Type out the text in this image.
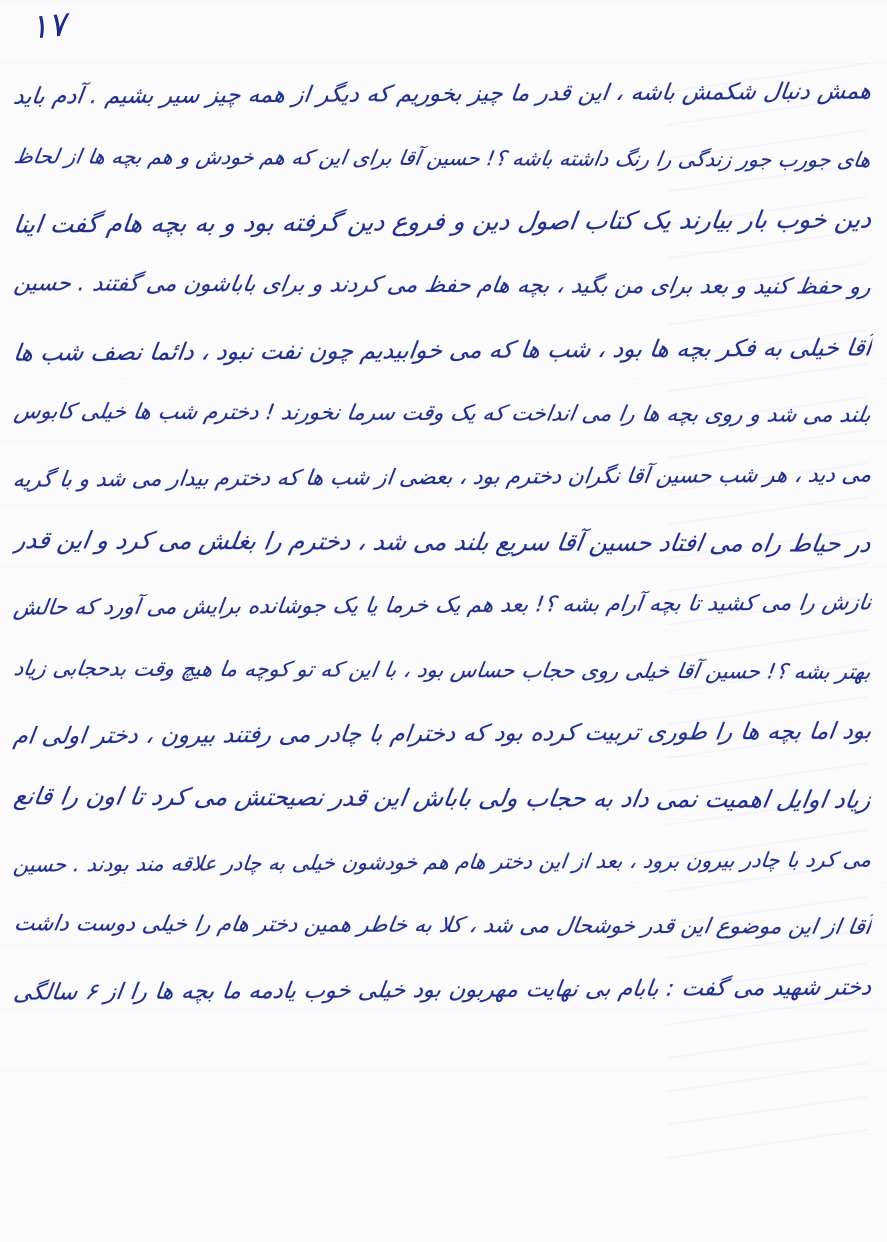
۱۷
همش دنبال شکمش باشه ، این قدر ما چیز بخوریم که دیگر از همه چیز سیر بشیم . آدم باید
های جورب جور زندگی را رنگ داشته باشه ؟! حسین آقا برای این که هم خودش و هم بچه ها از لحاظ
دین خوب بار بیارند یک کتاب اصول دین و فروع دین گرفته بود و به بچه هام گفت اینا
رو حفظ کنید و بعد برای من بگید ، بچه هام حفظ می کردند و برای باباشون می گفتند . حسین
آقا خیلی به فکر بچه ها بود ، شب ها که می خوابیدیم چون نفت نبود ، دائما نصف شب ها
بلند می شد و روی بچه ها را می انداخت که یک وقت سرما نخورند ! دخترم شب ها خیلی کابوس
می دید ، هر شب حسین آقا نگران دخترم بود ، بعضی از شب ها که دخترم بیدار می شد و با گریه
در حیاط راه می افتاد حسین آقا سریع بلند می شد ، دخترم را بغلش می کرد و این قدر
نازش را می کشید تا بچه آرام بشه ؟! بعد هم یک خرما یا یک جوشانده برایش می آورد که حالش
بهتر بشه ؟! حسین آقا خیلی روی حجاب حساس بود ، با این که تو کوچه ما هیچ وقت بدحجابی زیاد
بود اما بچه ها را طوری تربیت کرده بود که دخترام با چادر می رفتند بیرون ، دختر اولی ام
زیاد اوایل اهمیت نمی داد به حجاب ولی باباش این قدر نصیحتش می کرد تا اون را قانع
می کرد با چادر بیرون برود ، بعد از این دختر هام هم خودشون خیلی به چادر علاقه مند بودند . حسین
آقا از این موضوع این قدر خوشحال می شد ، کلا به خاطر همین دختر هام را خیلی دوست داشت
دختر شهید می گفت : بابام بی نهایت مهربون بود خیلی خوب یادمه ما بچه ها را از ۶ سالگی
